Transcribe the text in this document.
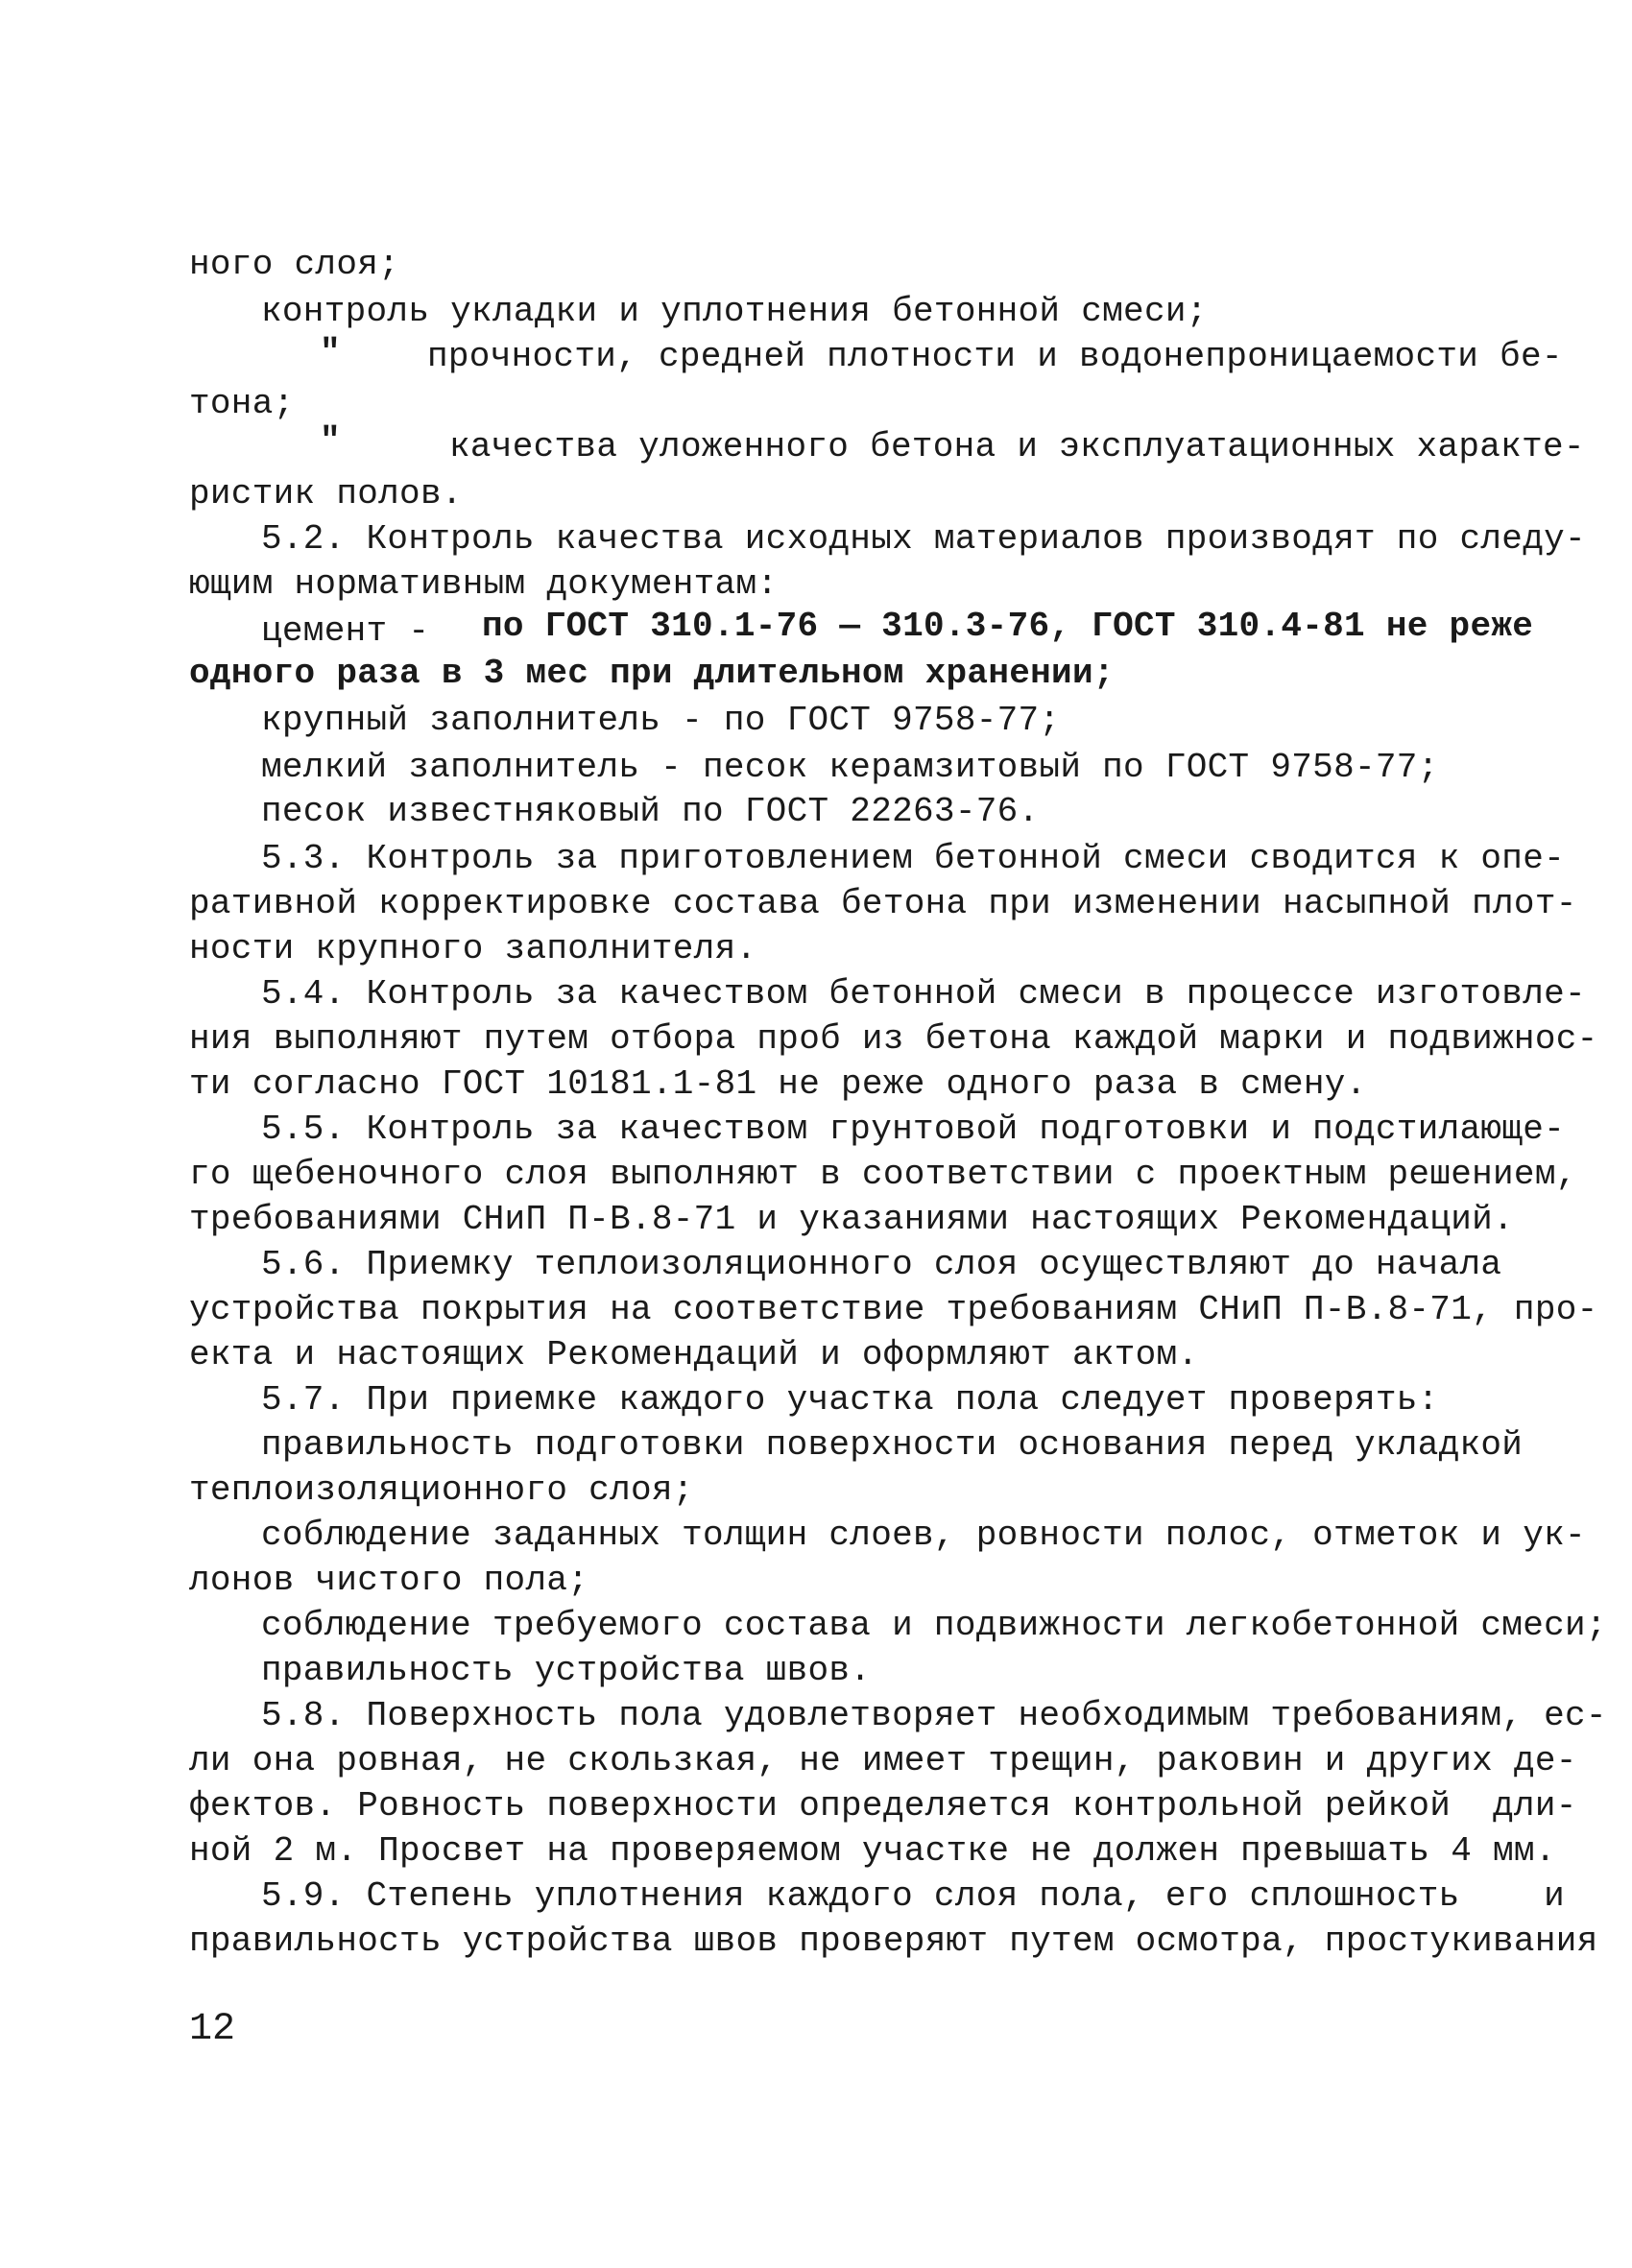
ного слоя;
контроль укладки и уплотнения бетонной смеси;
"	прочности, средней плотности и водонепроницаемости бе-
тона;
"	качества уложенного бетона и эксплуатационных характе-
ристик полов.
5.2. Контроль качества исходных материалов производят по следу-
ющим нормативным документам:
цемент - по ГОСТ 310.1-76 — 310.3-76, ГОСТ 310.4-81 не реже
одного раза в 3 мес при длительном хранении;
крупный заполнитель - по ГОСТ 9758-77;
мелкий заполнитель - песок керамзитовый по ГОСТ 9758-77;
песок известняковый по ГОСТ 22263-76.
5.3. Контроль за приготовлением бетонной смеси сводится к опе-
ративной корректировке состава бетона при изменении насыпной плот-
ности крупного заполнителя.
5.4. Контроль за качеством бетонной смеси в процессе изготовле-
ния выполняют путем отбора проб из бетона каждой марки и подвижнос-
ти согласно ГОСТ 10181.1-81 не реже одного раза в смену.
5.5. Контроль за качеством грунтовой подготовки и подстилающе-
го щебеночного слоя выполняют в соответствии с проектным решением,
требованиями СНиП П-В.8-71 и указаниями настоящих Рекомендаций.
5.6. Приемку теплоизоляционного слоя осуществляют до начала
устройства покрытия на соответствие требованиям СНиП П-В.8-71, про-
екта и настоящих Рекомендаций и оформляют актом.
5.7. При приемке каждого участка пола следует проверять:
правильность подготовки поверхности основания перед укладкой
теплоизоляционного слоя;
соблюдение заданных толщин слоев, ровности полос, отметок и ук-
лонов чистого пола;
соблюдение требуемого состава и подвижности легкобетонной смеси;
правильность устройства швов.
5.8. Поверхность пола удовлетворяет необходимым требованиям, ес-
ли она ровная, не скользкая, не имеет трещин, раковин и других де-
фектов. Ровность поверхности определяется контрольной рейкой  дли-
ной 2 м. Просвет на проверяемом участке не должен превышать 4 мм.
5.9. Степень уплотнения каждого слоя пола, его сплошность    и
правильность устройства швов проверяют путем осмотра, простукивания
12
